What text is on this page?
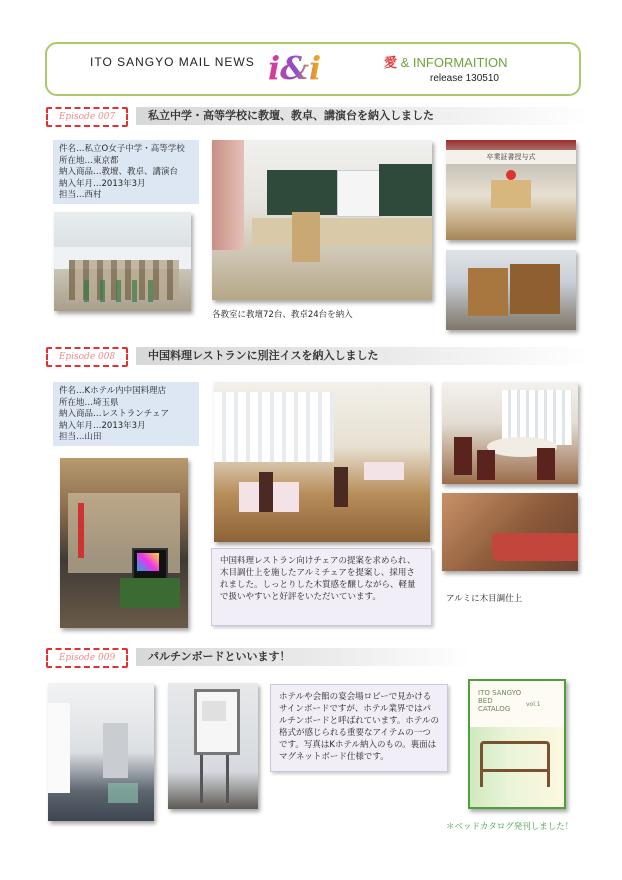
ITO SANGYO MAIL NEWS i&i	愛 & INFORMAITION
release 130510
Episode 007	私立中学・高等学校に教壇、教卓、講演台を納入しました
件名…私立O女子中学・高等学校
所在地…東京都
納入商品…教壇、教卓、講演台
納入年月…2013年3月
担当…西村
各教室に教壇72台、教卓24台を納入
卒業証書授与式
Episode 008	中国料理レストランに別注イスを納入しました
件名…Kホテル内中国料理店
所在地…埼玉県
納入商品…レストランチェア
納入年月…2013年3月
担当…山田
アルミに木目調仕上
中国料理レストラン向けチェアの提案を求められ、木目調仕上を施したアルミチェアを提案し、採用されました。しっとりした木質感を醸しながら、軽量で扱いやすいと好評をいただいています。
Episode 009	パルチンボードといいます！
ホテルや会館の宴会場ロビーで見かけるサインボードですが、ホテル業界ではパルチンボードと呼ばれています。ホテルの格式が感じられる重要なアイテムの一つです。写真はKホテル納入のもの。裏面はマグネットボード仕様です。
ITO SANGYO
BED
CATALOG
vol.1
＊ベッドカタログ発刊しました！
